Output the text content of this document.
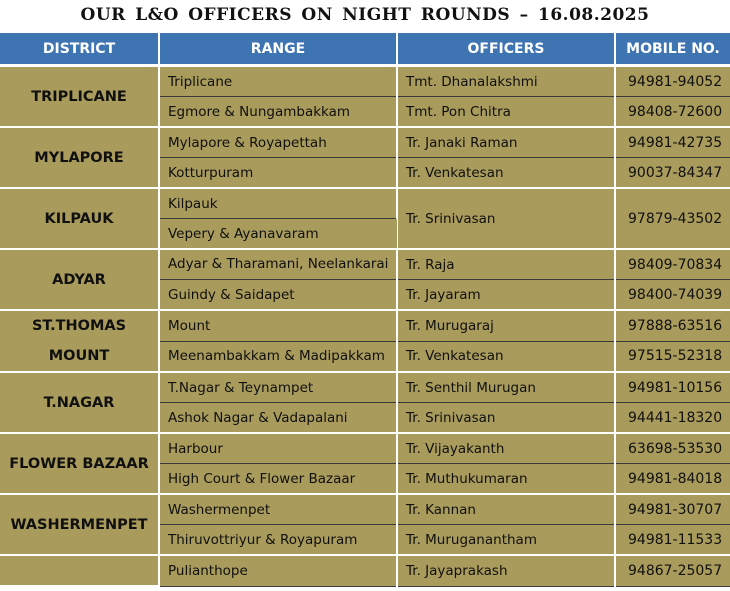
OUR L&O OFFICERS ON NIGHT ROUNDS – 16.08.2025
DISTRICT	RANGE	OFFICERS	MOBILE NO.
TRIPLICANE	Triplicane	Tmt. Dhanalakshmi	94981-94052
	Egmore & Nungambakkam	Tmt. Pon Chitra	98408-72600
MYLAPORE	Mylapore & Royapettah	Tr. Janaki Raman	94981-42735
	Kotturpuram	Tr. Venkatesan	90037-84347
KILPAUK	Kilpauk	Tr. Srinivasan	97879-43502
	Vepery & Ayanavaram		
ADYAR	Adyar & Tharamani, Neelankarai	Tr. Raja	98409-70834
	Guindy & Saidapet	Tr. Jayaram	98400-74039
ST.THOMAS MOUNT	Mount	Tr. Murugaraj	97888-63516
	Meenambakkam & Madipakkam	Tr. Venkatesan	97515-52318
T.NAGAR	T.Nagar & Teynampet	Tr. Senthil Murugan	94981-10156
	Ashok Nagar & Vadapalani	Tr. Srinivasan	94441-18320
FLOWER BAZAAR	Harbour	Tr. Vijayakanth	63698-53530
	High Court & Flower Bazaar	Tr. Muthukumaran	94981-84018
WASHERMENPET	Washermenpet	Tr. Kannan	94981-30707
	Thiruvottriyur & Royapuram	Tr. Muruganantham	94981-11533
	Pulianthope	Tr. Jayaprakash	94867-25057
